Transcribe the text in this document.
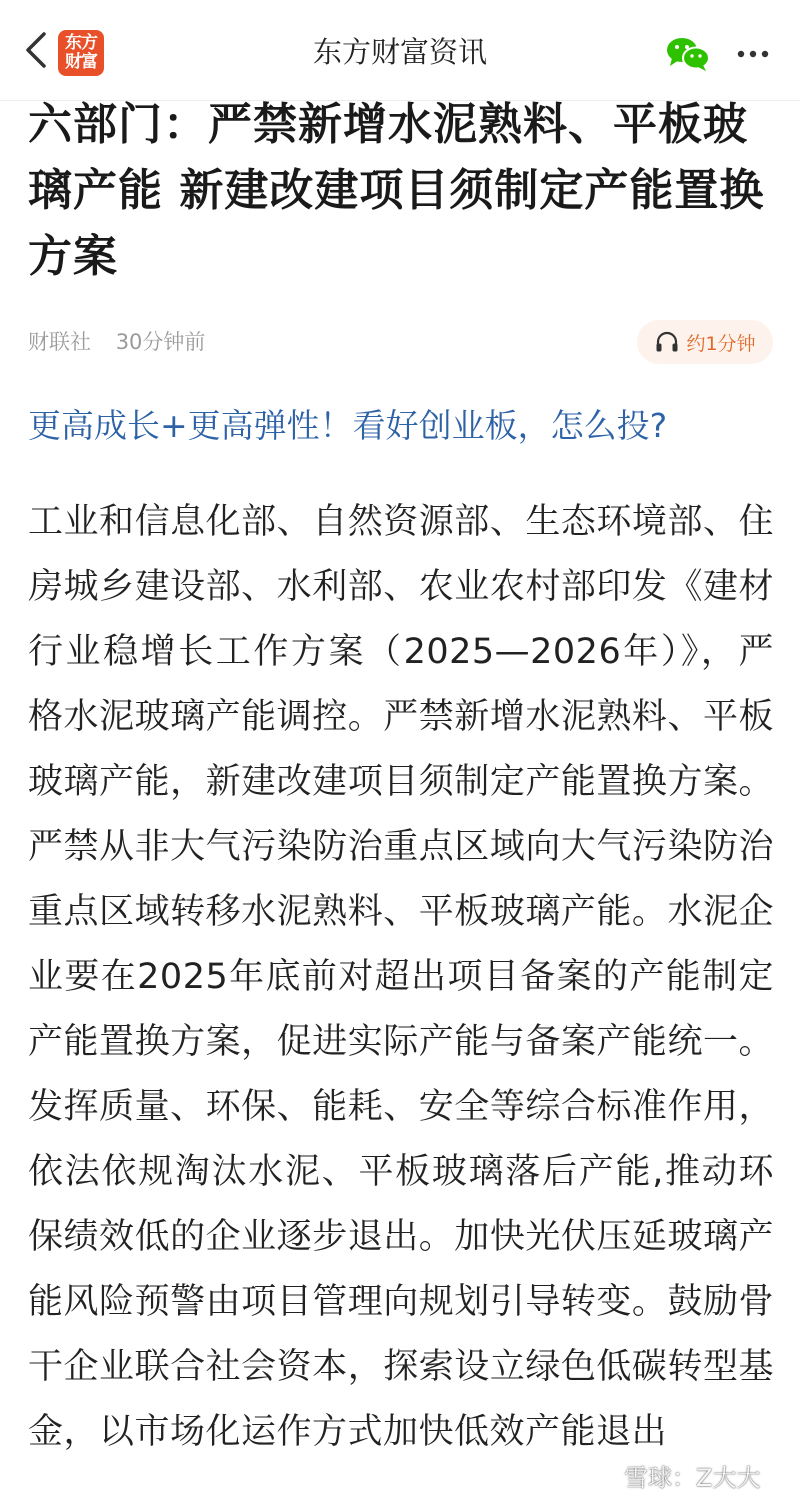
东方
财富	东方财富资讯
六部门：严禁新增水泥熟料、平板玻璃产能 新建改建项目须制定产能置换方案
财联社 30分钟前	约1分钟
更高成长+更高弹性！看好创业板，怎么投?

工业和信息化部、自然资源部、生态环境部、住房城乡建设部、水利部、农业农村部印发《建材行业稳增长工作方案（2025—2026年）》，严格水泥玻璃产能调控。严禁新增水泥熟料、平板玻璃产能，新建改建项目须制定产能置换方案。严禁从非大气污染防治重点区域向大气污染防治重点区域转移水泥熟料、平板玻璃产能。水泥企业要在2025年底前对超出项目备案的产能制定产能置换方案，促进实际产能与备案产能统一。发挥质量、环保、能耗、安全等综合标准作用，依法依规淘汰水泥、平板玻璃落后产能,推动环保绩效低的企业逐步退出。加快光伏压延玻璃产能风险预警由项目管理向规划引导转变。鼓励骨干企业联合社会资本，探索设立绿色低碳转型基金，以市场化运作方式加快低效产能退出

雪球：Z大大
